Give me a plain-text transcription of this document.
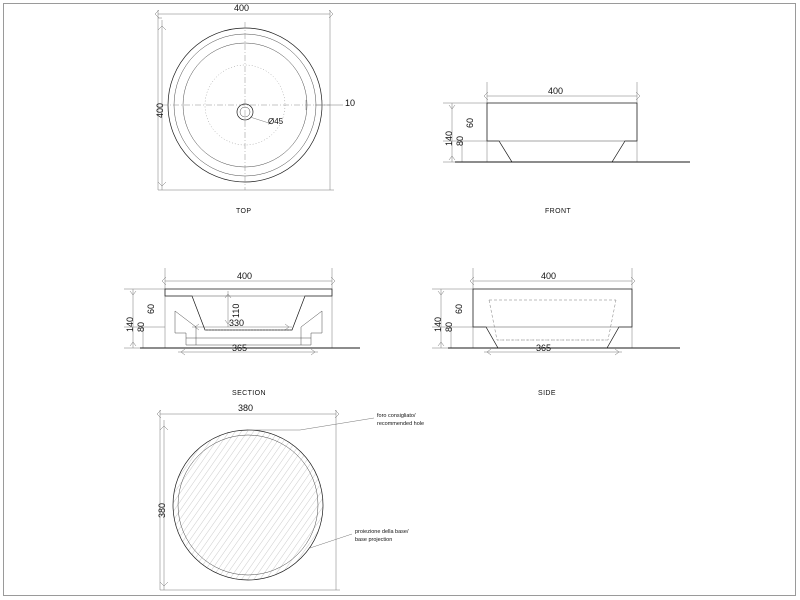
400
400	10
Ø45
TOP
400
140 80
60
FRONT
400
140 80
60	110
330
365
SECTION
400
140 80
60
365
SIDE
380
380
foro consigliato/
recommended hole
proiezione della base/
base projection
